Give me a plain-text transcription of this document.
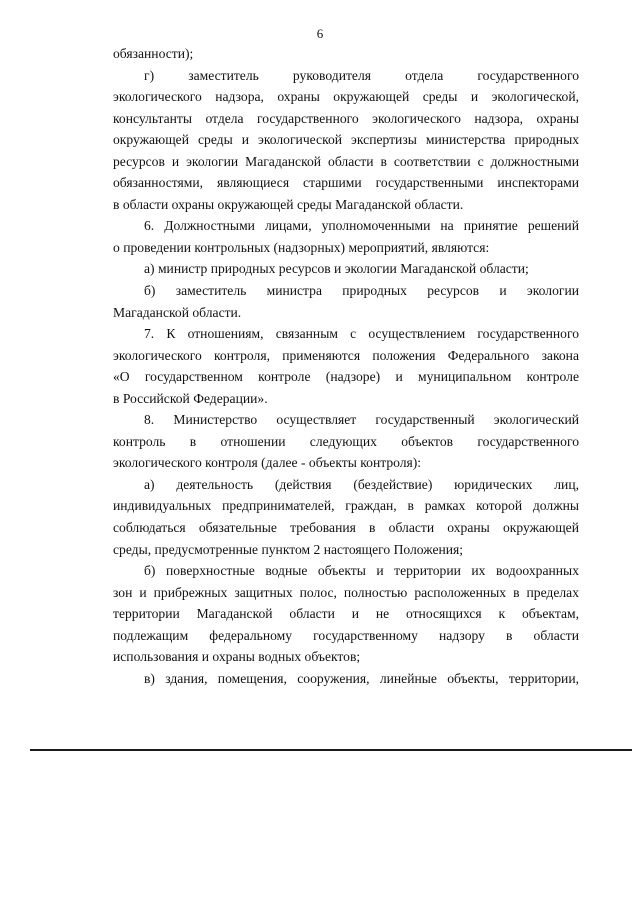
6
обязанности);
г) заместитель руководителя отдела государственного
экологического надзора, охраны окружающей среды и экологической,
консультанты отдела государственного экологического надзора, охраны
окружающей среды и экологической экспертизы министерства природных
ресурсов и экологии Магаданской области в соответствии с должностными
обязанностями, являющиеся старшими государственными инспекторами
в области охраны окружающей среды Магаданской области.
6. Должностными лицами, уполномоченными на принятие решений
о проведении контрольных (надзорных) мероприятий, являются:
а) министр природных ресурсов и экологии Магаданской области;
б) заместитель министра природных ресурсов и экологии
Магаданской области.
7. К отношениям, связанным с осуществлением государственного
экологического контроля, применяются положения Федерального закона
«О государственном контроле (надзоре) и муниципальном контроле
в Российской Федерации».
8. Министерство осуществляет государственный экологический
контроль в отношении следующих объектов государственного
экологического контроля (далее - объекты контроля):
а) деятельность (действия (бездействие) юридических лиц,
индивидуальных предпринимателей, граждан, в рамках которой должны
соблюдаться обязательные требования в области охраны окружающей
среды, предусмотренные пунктом 2 настоящего Положения;
б) поверхностные водные объекты и территории их водоохранных
зон и прибрежных защитных полос, полностью расположенных в пределах
территории Магаданской области и не относящихся к объектам,
подлежащим федеральному государственному надзору в области
использования и охраны водных объектов;
в) здания, помещения, сооружения, линейные объекты, территории,
